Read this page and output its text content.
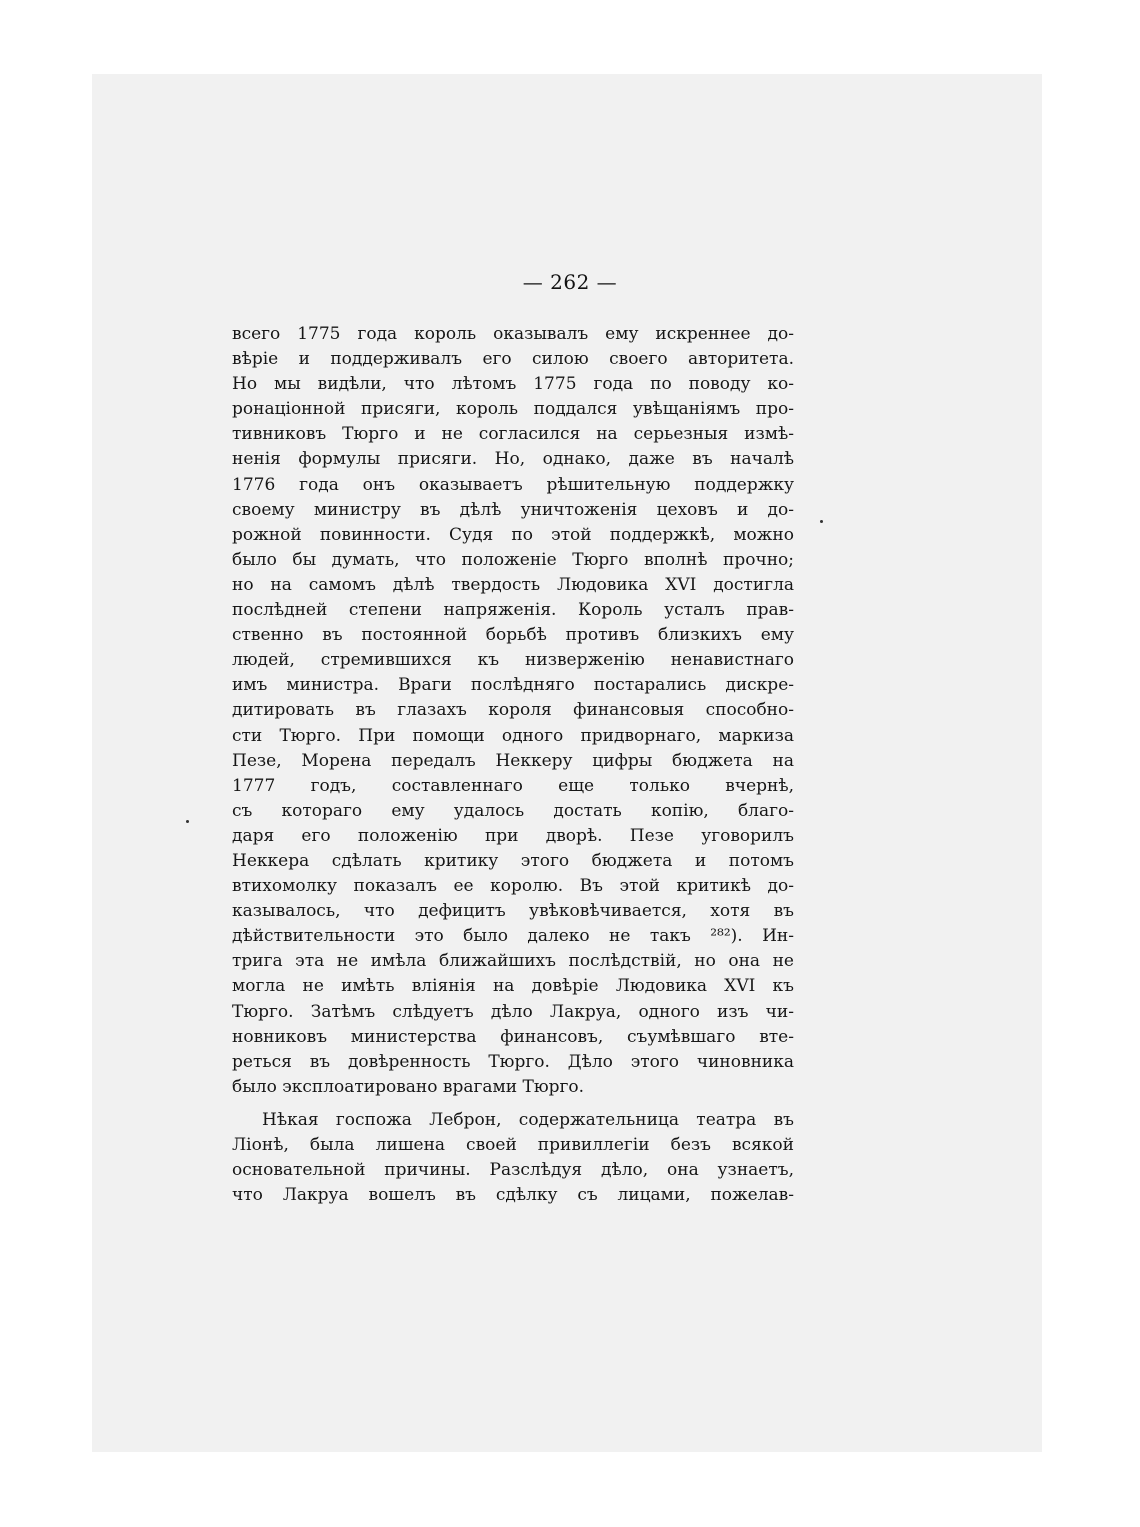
— 262 —
всего 1775 года король оказывалъ ему искреннее до-
вѣріе и поддерживалъ его силою своего авторитета.
Но мы видѣли, что лѣтомъ 1775 года по поводу ко-
ронаціонной присяги, король поддался увѣщаніямъ про-
тивниковъ Тюрго и не согласился на серьезныя измѣ-
ненія формулы присяги. Но, однако, даже въ началѣ
1776 года онъ оказываетъ рѣшительную поддержку
своему министру въ дѣлѣ уничтоженія цеховъ и до-
рожной повинности. Судя по этой поддержкѣ, можно
было бы думать, что положеніе Тюрго вполнѣ прочно;
но на самомъ дѣлѣ твердость Людовика XVI достигла
послѣдней степени напряженія. Король усталъ прав-
ственно въ постоянной борьбѣ противъ близкихъ ему
людей, стремившихся къ низверженію ненавистнаго
имъ министра. Враги послѣдняго постарались дискре-
дитировать въ глазахъ короля финансовыя способно-
сти Тюрго. При помощи одного придворнаго, маркиза
Пезе, Морена передалъ Неккеру цифры бюджета на
1777 годъ, составленнаго еще только вчернѣ,
съ котораго ему удалось достать копію, благо-
даря его положенію при дворѣ. Пезе уговорилъ
Неккера сдѣлать критику этого бюджета и потомъ
втихомолку показалъ ее королю. Въ этой критикѣ до-
казывалось, что дефицитъ увѣковѣчивается, хотя въ
дѣйствительности это было далеко не такъ ²⁸²). Ин-
трига эта не имѣла ближайшихъ послѣдствій, но она не
могла не имѣть вліянія на довѣріе Людовика XVI къ
Тюрго. Затѣмъ слѣдуетъ дѣло Лакруа, одного изъ чи-
новниковъ министерства финансовъ, съумѣвшаго вте-
реться въ довѣренность Тюрго. Дѣло этого чиновника
было эксплоатировано врагами Тюрго.
Нѣкая госпожа Леброн, содержательница театра въ
Ліонѣ, была лишена своей привиллегіи безъ всякой
основательной причины. Разслѣдуя дѣло, она узнаетъ,
что Лакруа вошелъ въ сдѣлку съ лицами, пожелав-
